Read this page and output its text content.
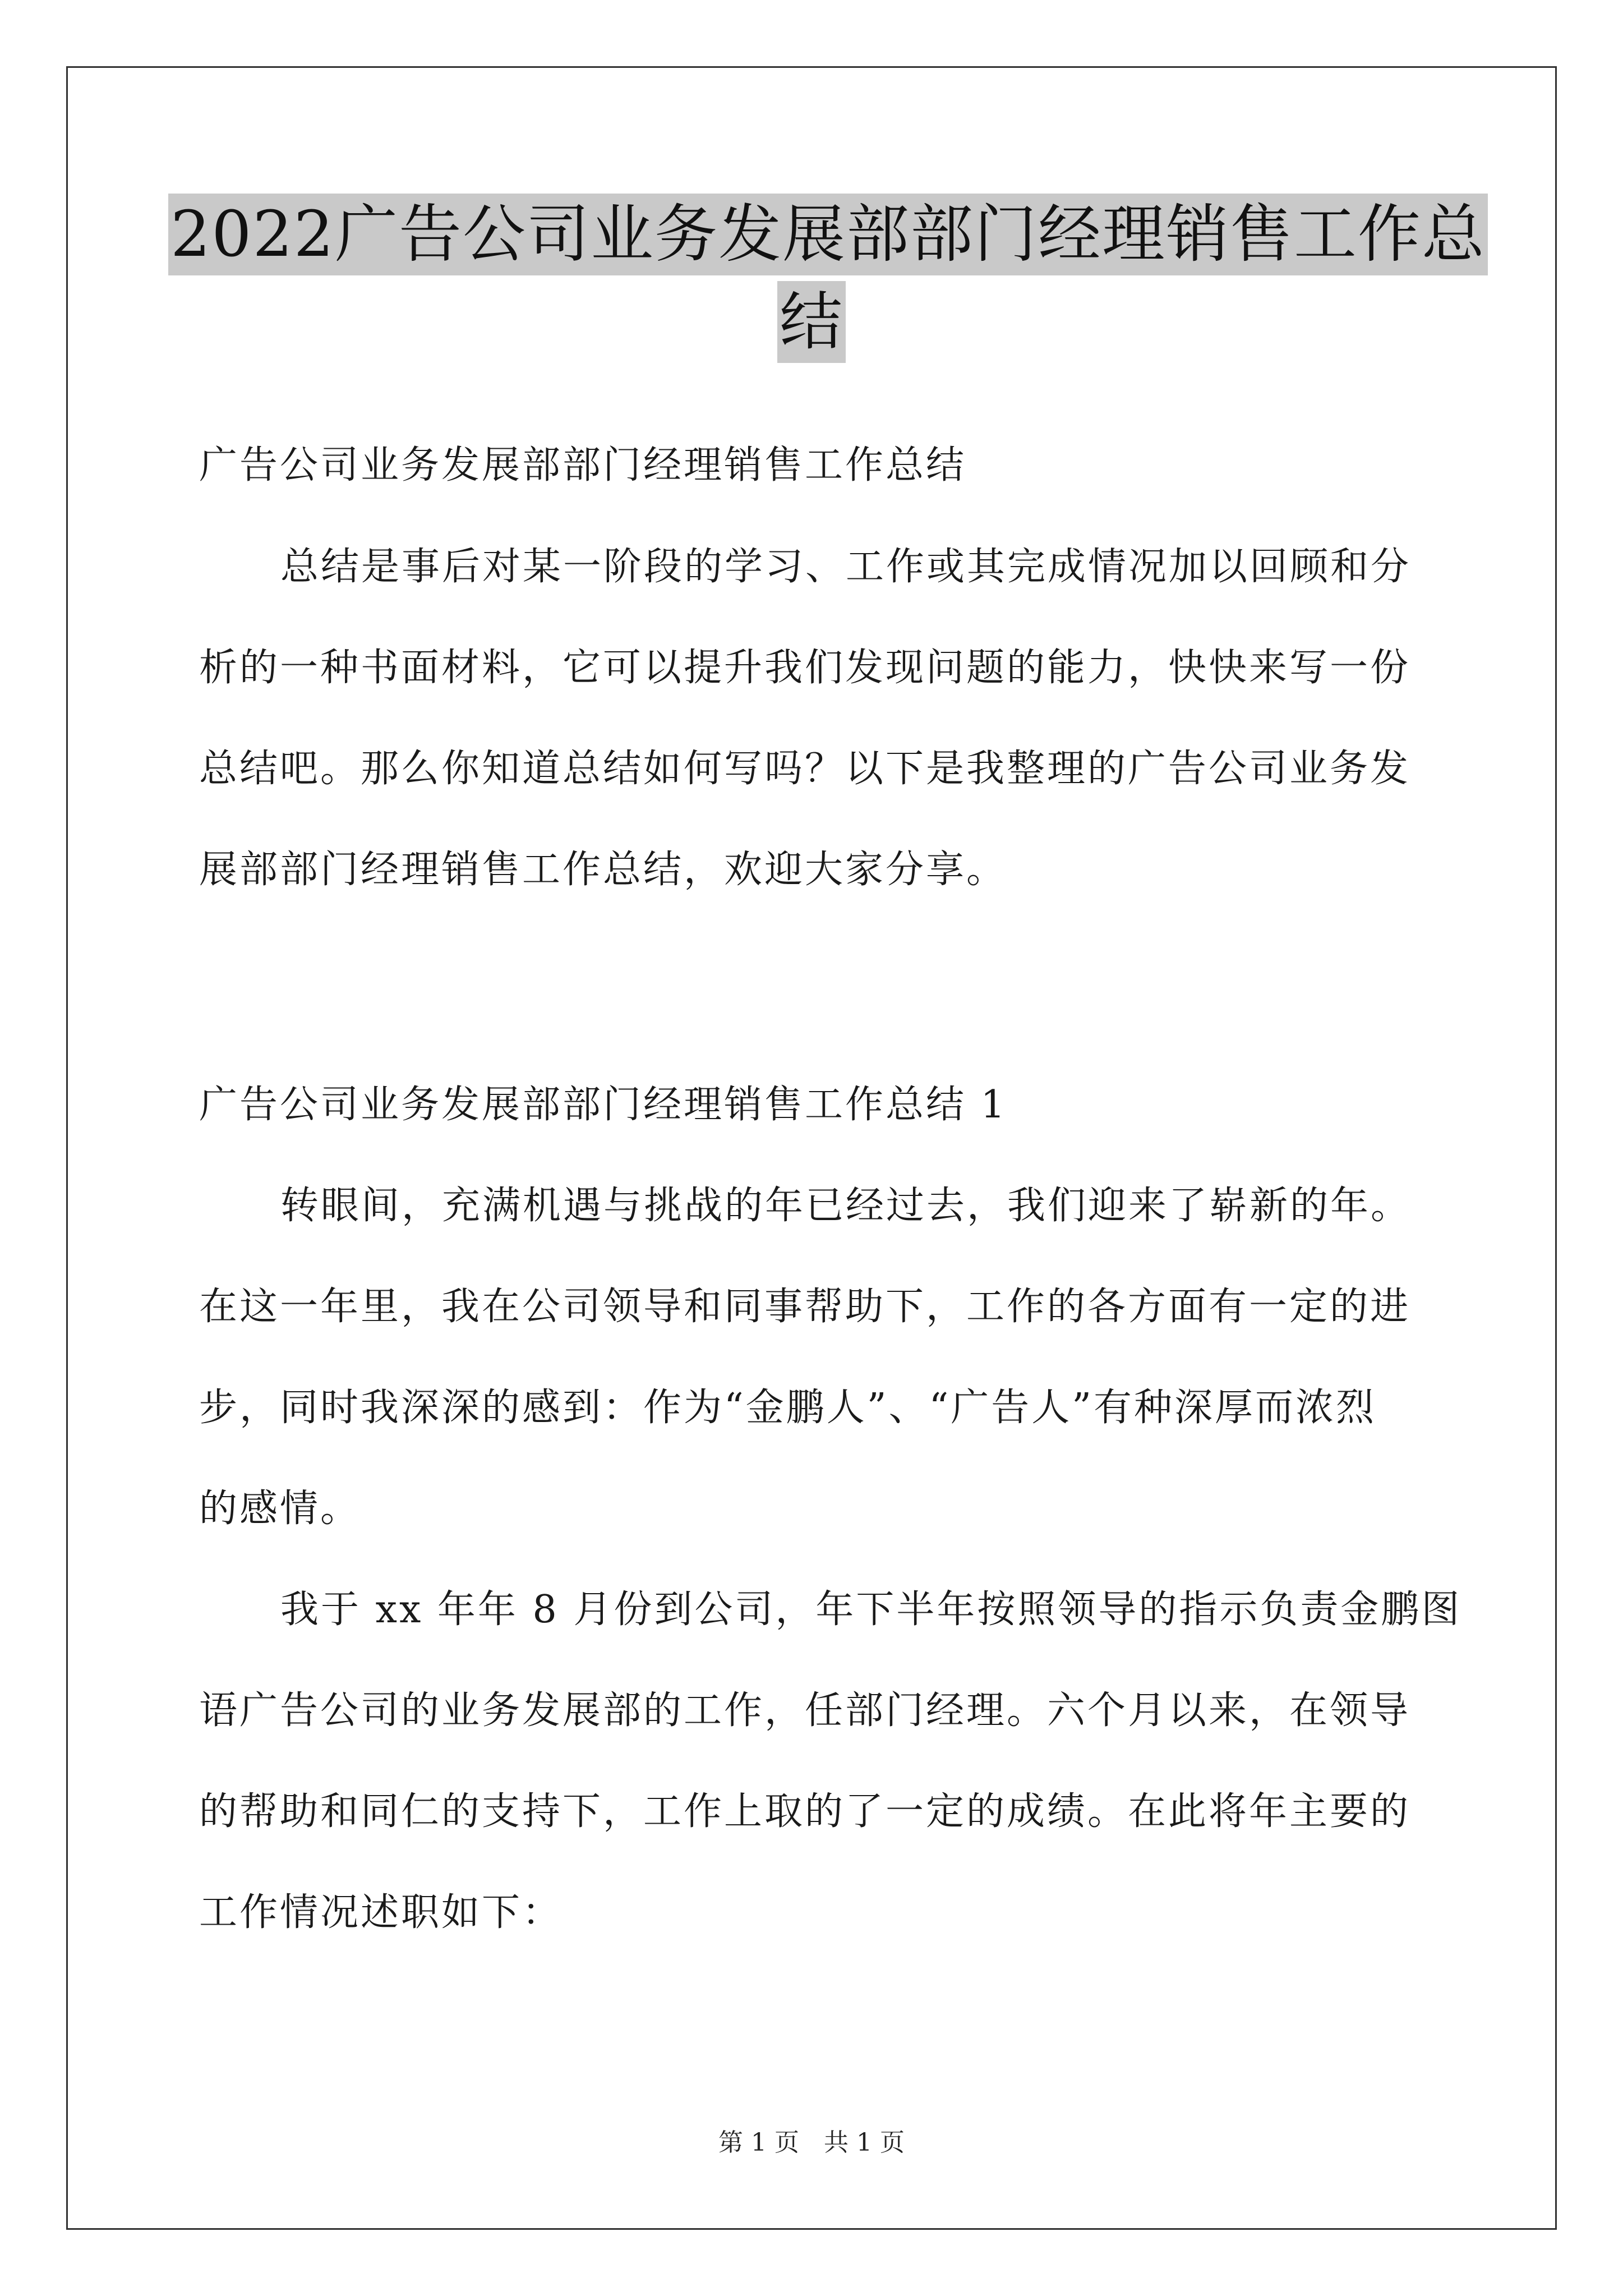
2022广告公司业务发展部部门经理销售工作总
结
广告公司业务发展部部门经理销售工作总结
总结是事后对某一阶段的学习、工作或其完成情况加以回顾和分
析的一种书面材料，它可以提升我们发现问题的能力，快快来写一份
总结吧。那么你知道总结如何写吗？以下是我整理的广告公司业务发
展部部门经理销售工作总结，欢迎大家分享。
广告公司业务发展部部门经理销售工作总结 1
转眼间，充满机遇与挑战的年已经过去，我们迎来了崭新的年。
在这一年里，我在公司领导和同事帮助下，工作的各方面有一定的进
步，同时我深深的感到：作为“金鹏人”、“广告人”有种深厚而浓烈
的感情。
我于 xx 年年 8 月份到公司，年下半年按照领导的指示负责金鹏图
语广告公司的业务发展部的工作，任部门经理。六个月以来，在领导
的帮助和同仁的支持下，工作上取的了一定的成绩。在此将年主要的
工作情况述职如下：
第 1 页　共 1 页
